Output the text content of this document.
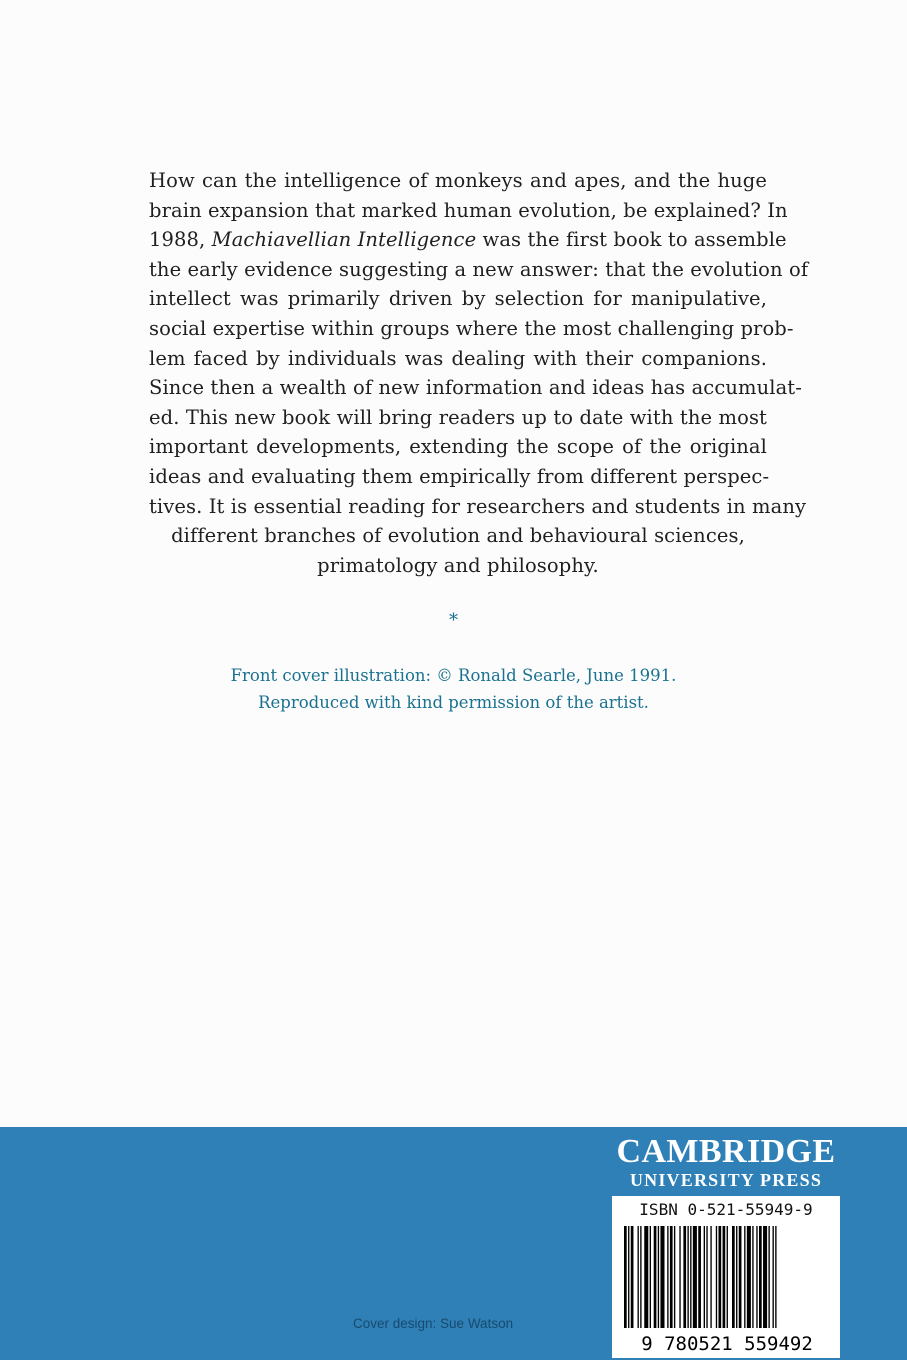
How can the intelligence of monkeys and apes, and the huge
brain expansion that marked human evolution, be explained? In
1988, Machiavellian Intelligence was the first book to assemble
the early evidence suggesting a new answer: that the evolution of
intellect was primarily driven by selection for manipulative,
social expertise within groups where the most challenging prob-
lem faced by individuals was dealing with their companions.
Since then a wealth of new information and ideas has accumulat-
ed. This new book will bring readers up to date with the most
important developments, extending the scope of the original
ideas and evaluating them empirically from different perspec-
tives. It is essential reading for researchers and students in many
different branches of evolution and behavioural sciences,
primatology and philosophy.
*
Front cover illustration: © Ronald Searle, June 1991.
Reproduced with kind permission of the artist.
CAMBRIDGE
UNIVERSITY PRESS
ISBN 0-521-55949-9
9 780521 559492
Cover design: Sue Watson
